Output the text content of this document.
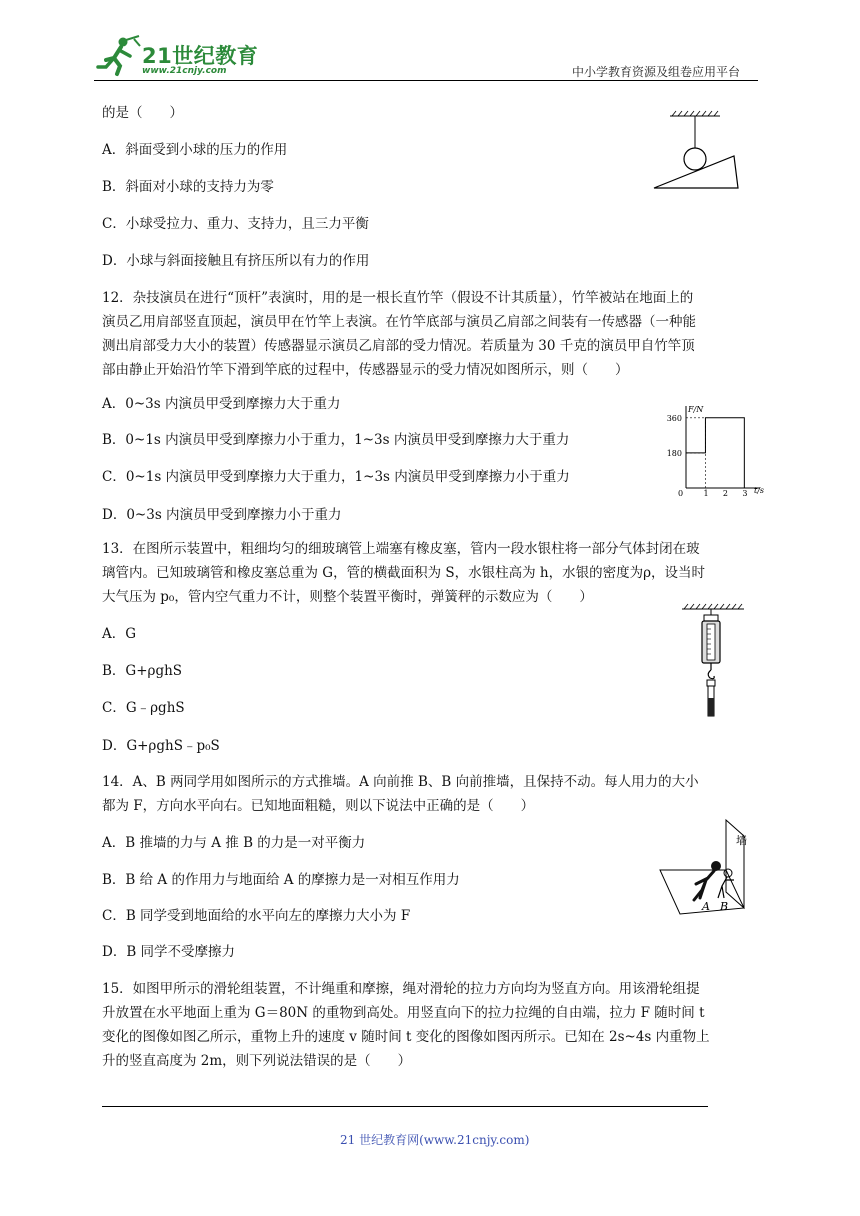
21世纪教育
www.21cnjy.com	中小学教育资源及组卷应用平台
的是（　　）
A．斜面受到小球的压力的作用
B．斜面对小球的支持力为零
C．小球受拉力、重力、支持力，且三力平衡
D．小球与斜面接触且有挤压所以有力的作用
12．杂技演员在进行“顶杆”表演时，用的是一根长直竹竿（假设不计其质量），竹竿被站在地面上的
演员乙用肩部竖直顶起，演员甲在竹竿上表演。在竹竿底部与演员乙肩部之间装有一传感器（一种能
测出肩部受力大小的装置）传感器显示演员乙肩部的受力情况。若质量为 30 千克的演员甲自竹竿顶
部由静止开始沿竹竿下滑到竿底的过程中，传感器显示的受力情况如图所示，则（　　）
A．0~3s 内演员甲受到摩擦力大于重力
B．0~1s 内演员甲受到摩擦力小于重力，1~3s 内演员甲受到摩擦力大于重力
C．0~1s 内演员甲受到摩擦力大于重力，1~3s 内演员甲受到摩擦力小于重力
D．0~3s 内演员甲受到摩擦力小于重力
t/s
F/N
0	1 2 3
180
360
13．在图所示装置中，粗细均匀的细玻璃管上端塞有橡皮塞，管内一段水银柱将一部分气体封闭在玻
璃管内。已知玻璃管和橡皮塞总重为 G，管的横截面积为 S，水银柱高为 h，水银的密度为ρ，设当时
大气压为 p₀，管内空气重力不计，则整个装置平衡时，弹簧秤的示数应为（　　）
A．G
B．G+ρghS
C．G﹣ρghS
D．G+ρghS﹣p₀S
14．A、B 两同学用如图所示的方式推墙。A 向前推 B、B 向前推墙，且保持不动。每人用力的大小
都为 F，方向水平向右。已知地面粗糙，则以下说法中正确的是（　　）
A．B 推墙的力与 A 推 B 的力是一对平衡力
B．B 给 A 的作用力与地面给 A 的摩擦力是一对相互作用力
C．B 同学受到地面给的水平向左的摩擦力大小为 F
D．B 同学不受摩擦力
墙
A B
15．如图甲所示的滑轮组装置，不计绳重和摩擦，绳对滑轮的拉力方向均为竖直方向。用该滑轮组提
升放置在水平地面上重为 G＝80N 的重物到高处。用竖直向下的拉力拉绳的自由端，拉力 F 随时间 t
变化的图像如图乙所示，重物上升的速度 v 随时间 t 变化的图像如图丙所示。已知在 2s~4s 内重物上
升的竖直高度为 2m，则下列说法错误的是（　　）
21 世纪教育网(www.21cnjy.com)
